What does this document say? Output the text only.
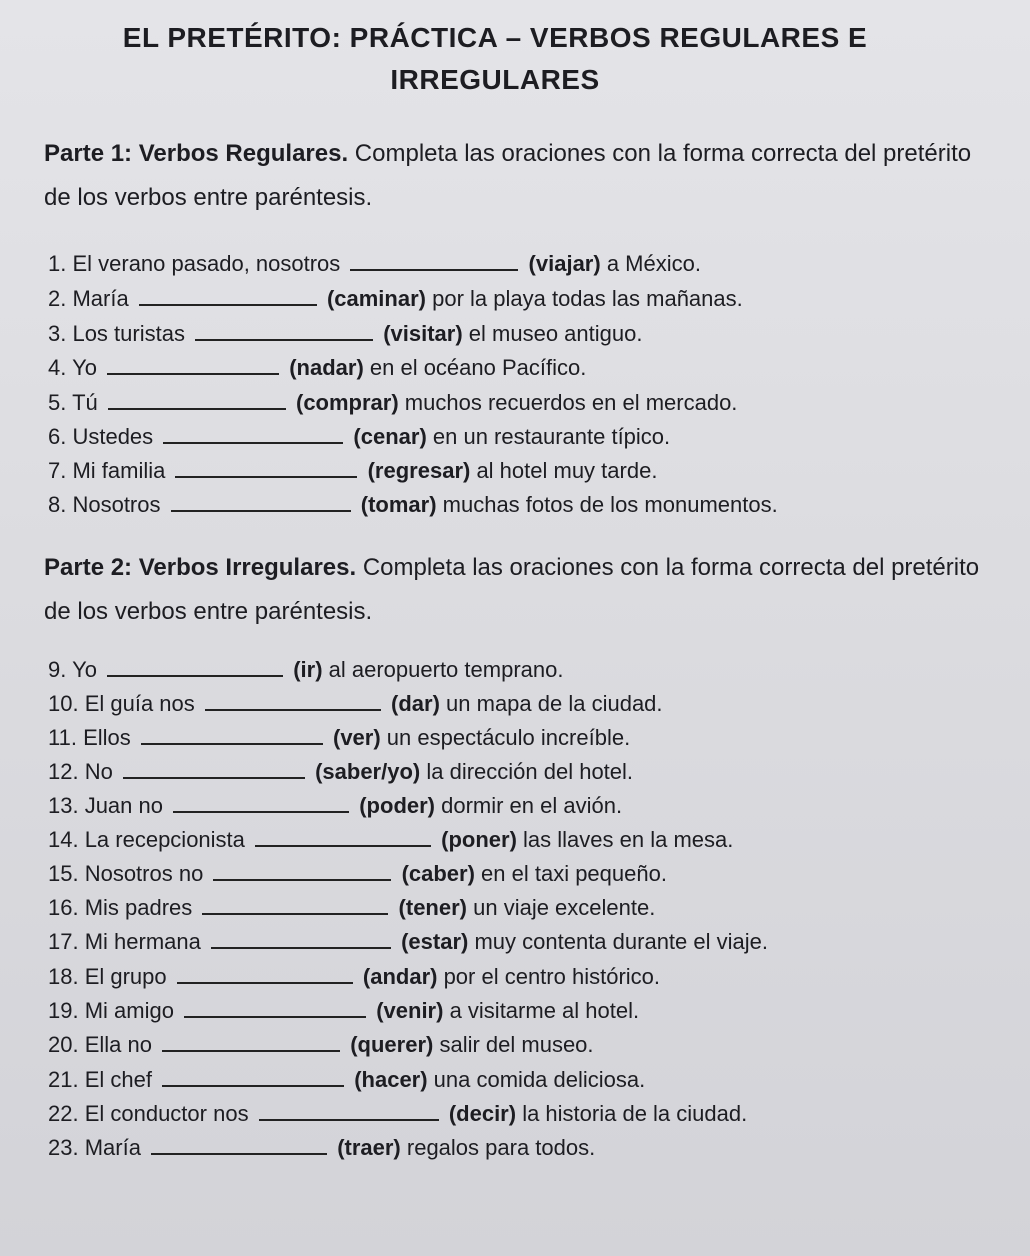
EL PRETÉRITO: PRÁCTICA – VERBOS REGULARES E
IRREGULARES
Parte 1: Verbos Regulares. Completa las oraciones con la forma correcta del pretérito de los verbos entre paréntesis.
1. El verano pasado, nosotros	(viajar) a México.
2. María	(caminar) por la playa todas las mañanas.
3. Los turistas	(visitar) el museo antiguo.
4. Yo	(nadar) en el océano Pacífico.
5. Tú	(comprar) muchos recuerdos en el mercado.
6. Ustedes	(cenar) en un restaurante típico.
7. Mi familia	(regresar) al hotel muy tarde.
8. Nosotros	(tomar) muchas fotos de los monumentos.
Parte 2: Verbos Irregulares. Completa las oraciones con la forma correcta del pretérito de los verbos entre paréntesis.
9. Yo	(ir) al aeropuerto temprano.
10. El guía nos	(dar) un mapa de la ciudad.
11. Ellos	(ver) un espectáculo increíble.
12. No	(saber/yo) la dirección del hotel.
13. Juan no	(poder) dormir en el avión.
14. La recepcionista	(poner) las llaves en la mesa.
15. Nosotros no	(caber) en el taxi pequeño.
16. Mis padres	(tener) un viaje excelente.
17. Mi hermana	(estar) muy contenta durante el viaje.
18. El grupo	(andar) por el centro histórico.
19. Mi amigo	(venir) a visitarme al hotel.
20. Ella no	(querer) salir del museo.
21. El chef	(hacer) una comida deliciosa.
22. El conductor nos	(decir) la historia de la ciudad.
23. María	(traer) regalos para todos.
